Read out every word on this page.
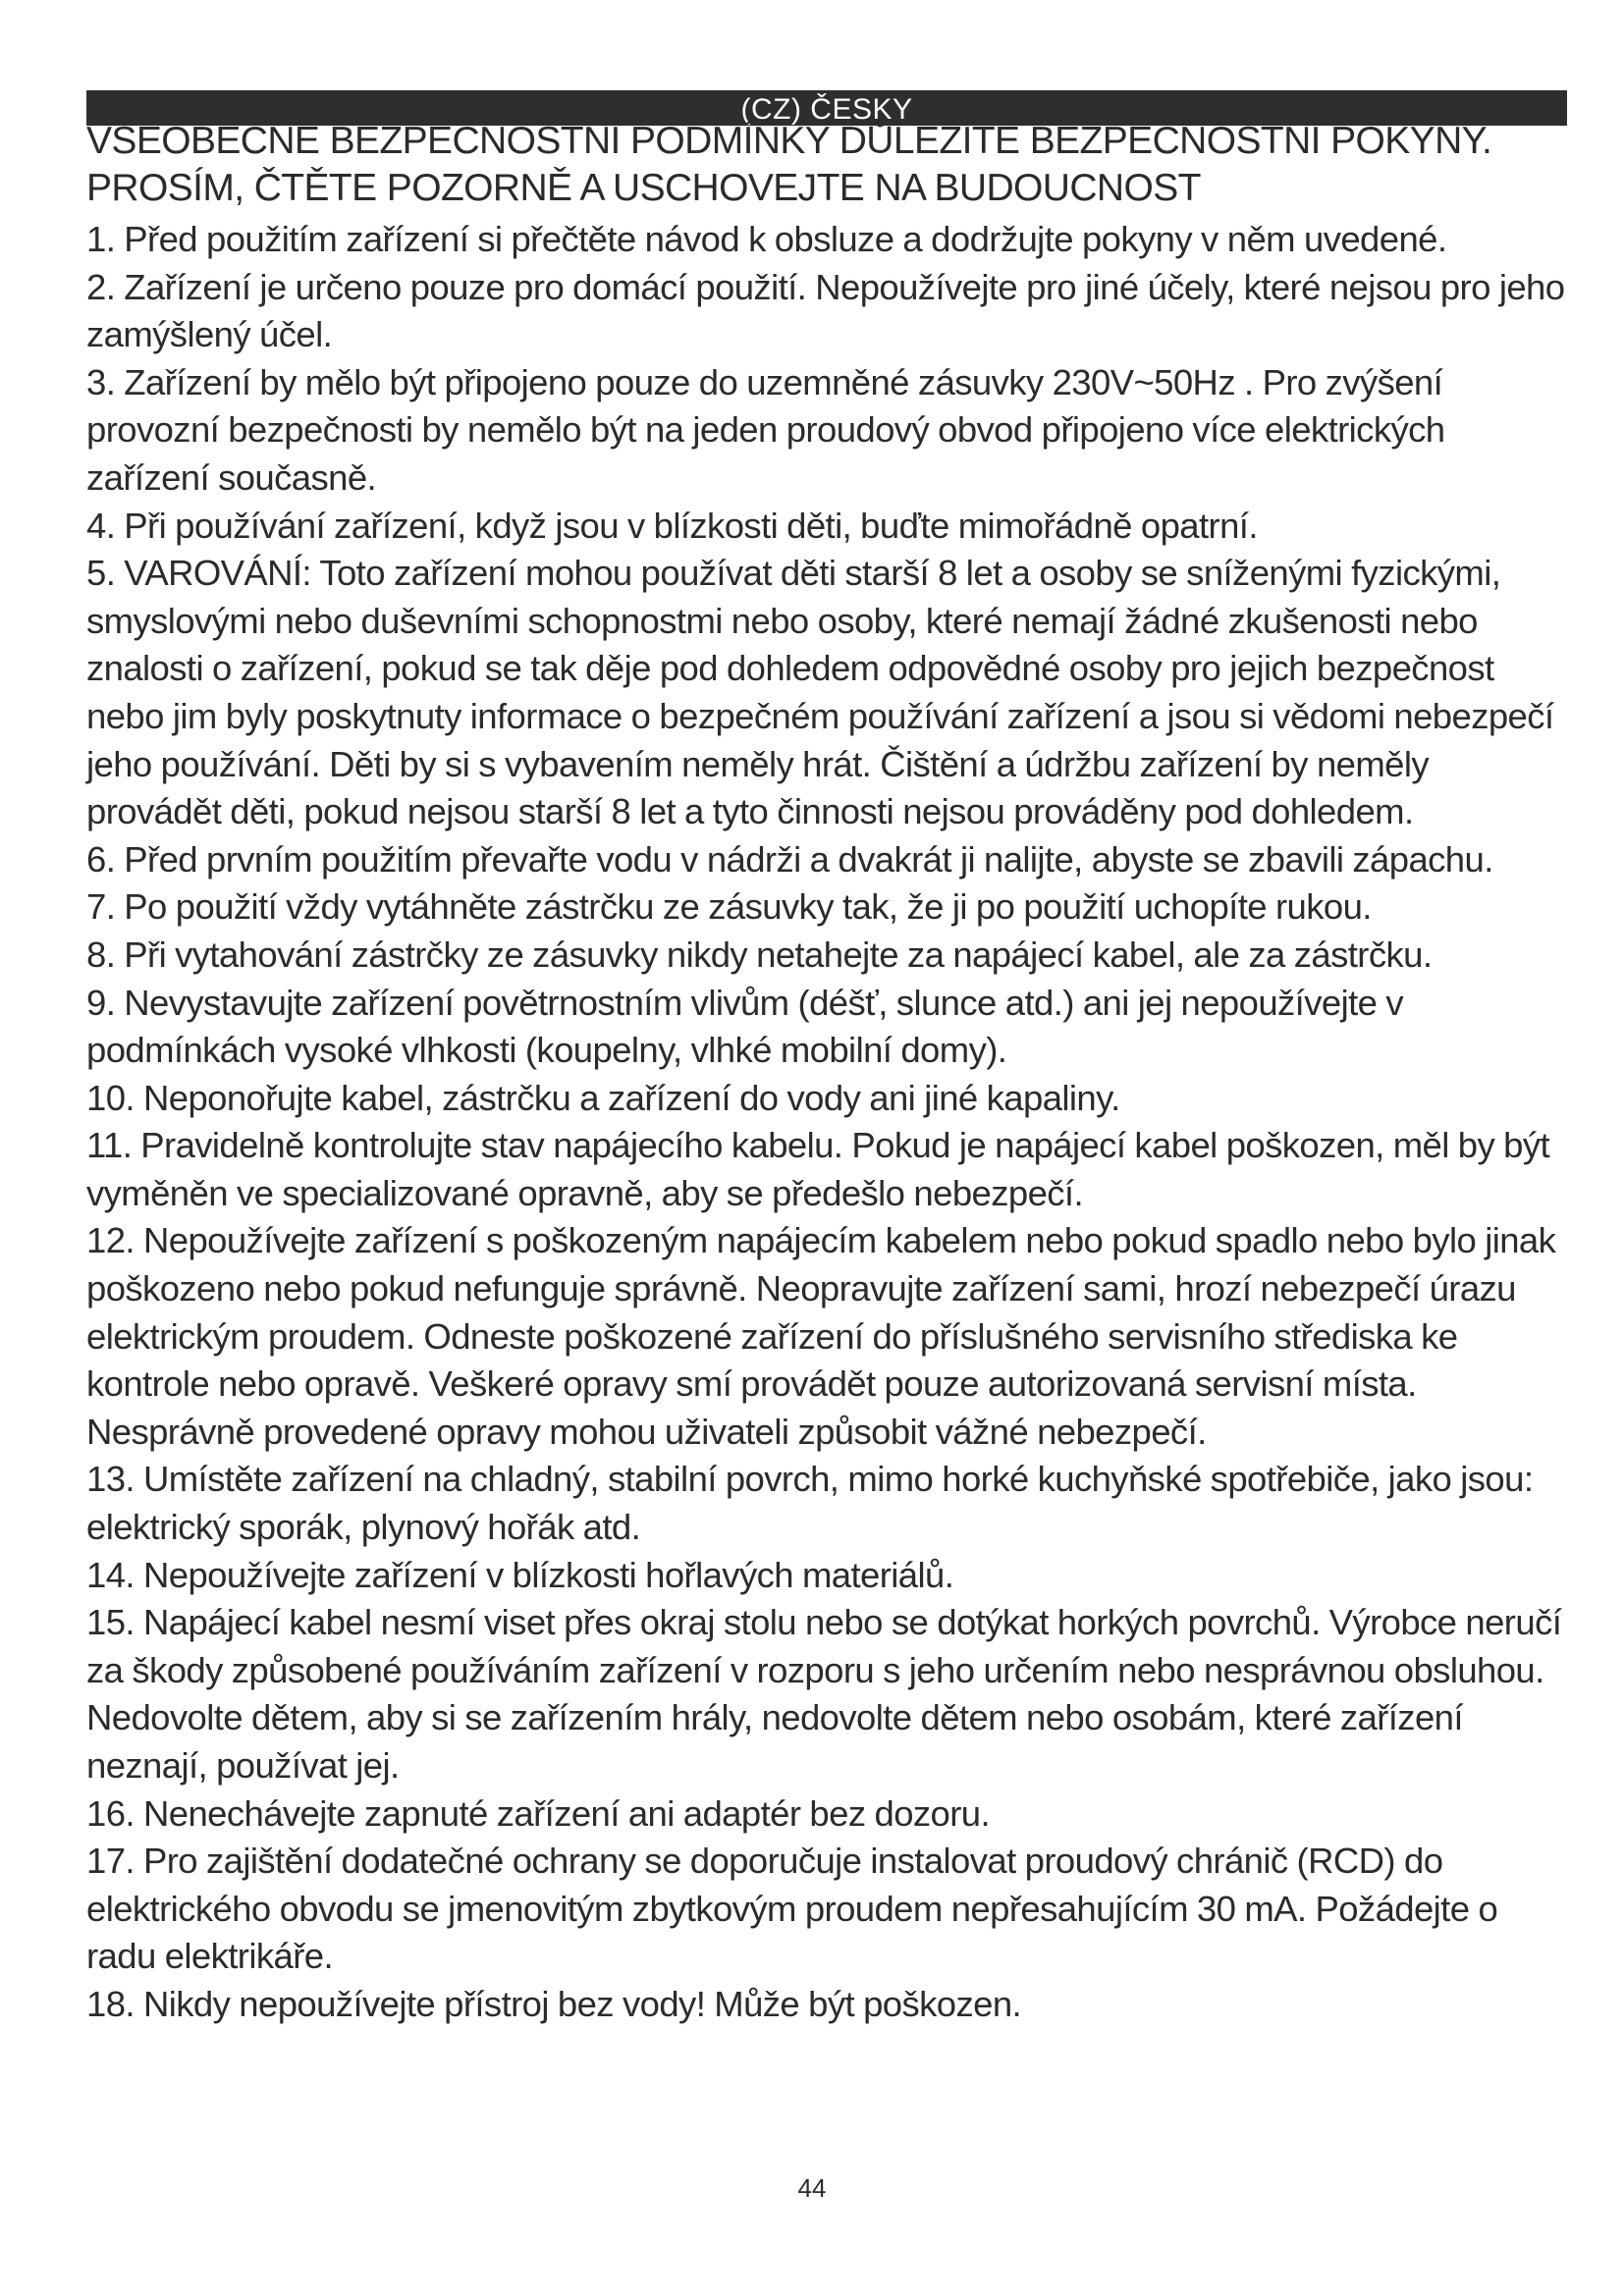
(CZ) ČESKY

VŠEOBECNÉ BEZPEČNOSTNÍ PODMÍNKY DŮLEŽITÉ BEZPEČNOSTNÍ POKYNY.

PROSÍM, ČTĚTE POZORNĚ A USCHOVEJTE NA BUDOUCNOST

1. Před použitím zařízení si přečtěte návod k obsluze a dodržujte pokyny v něm uvedené.

2. Zařízení je určeno pouze pro domácí použití. Nepoužívejte pro jiné účely, které nejsou pro jeho zamýšlený účel.

3. Zařízení by mělo být připojeno pouze do uzemněné zásuvky 230V~50Hz . Pro zvýšení provozní bezpečnosti by nemělo být na jeden proudový obvod připojeno více elektrických zařízení současně.

4. Při používání zařízení, když jsou v blízkosti děti, buďte mimořádně opatrní.

5. VAROVÁNÍ: Toto zařízení mohou používat děti starší 8 let a osoby se sníženými fyzickými, smyslovými nebo duševními schopnostmi nebo osoby, které nemají žádné zkušenosti nebo znalosti o zařízení, pokud se tak děje pod dohledem odpovědné osoby pro jejich bezpečnost nebo jim byly poskytnuty informace o bezpečném používání zařízení a jsou si vědomi nebezpečí jeho používání. Děti by si s vybavením neměly hrát. Čištění a údržbu zařízení by neměly provádět děti, pokud nejsou starší 8 let a tyto činnosti nejsou prováděny pod dohledem.

6. Před prvním použitím převařte vodu v nádrži a dvakrát ji nalijte, abyste se zbavili zápachu.

7. Po použití vždy vytáhněte zástrčku ze zásuvky tak, že ji po použití uchopíte rukou.

8. Při vytahování zástrčky ze zásuvky nikdy netahejte za napájecí kabel, ale za zástrčku.

9. Nevystavujte zařízení povětrnostním vlivům (déšť, slunce atd.) ani jej nepoužívejte v podmínkách vysoké vlhkosti (koupelny, vlhké mobilní domy).

10. Neponořujte kabel, zástrčku a zařízení do vody ani jiné kapaliny.

11. Pravidelně kontrolujte stav napájecího kabelu. Pokud je napájecí kabel poškozen, měl by být vyměněn ve specializované opravně, aby se předešlo nebezpečí.

12. Nepoužívejte zařízení s poškozeným napájecím kabelem nebo pokud spadlo nebo bylo jinak poškozeno nebo pokud nefunguje správně. Neopravujte zařízení sami, hrozí nebezpečí úrazu elektrickým proudem. Odneste poškozené zařízení do příslušného servisního střediska ke kontrole nebo opravě. Veškeré opravy smí provádět pouze autorizovaná servisní místa. Nesprávně provedené opravy mohou uživateli způsobit vážné nebezpečí.

13. Umístěte zařízení na chladný, stabilní povrch, mimo horké kuchyňské spotřebiče, jako jsou: elektrický sporák, plynový hořák atd.

14. Nepoužívejte zařízení v blízkosti hořlavých materiálů.

15. Napájecí kabel nesmí viset přes okraj stolu nebo se dotýkat horkých povrchů. Výrobce neručí za škody způsobené používáním zařízení v rozporu s jeho určením nebo nesprávnou obsluhou. Nedovolte dětem, aby si se zařízením hrály, nedovolte dětem nebo osobám, které zařízení neznají, používat jej.

16. Nenechávejte zapnuté zařízení ani adaptér bez dozoru.

17. Pro zajištění dodatečné ochrany se doporučuje instalovat proudový chránič (RCD) do elektrického obvodu se jmenovitým zbytkovým proudem nepřesahujícím 30 mA. Požádejte o radu elektrikáře.

18. Nikdy nepoužívejte přístroj bez vody! Může být poškozen.

44
